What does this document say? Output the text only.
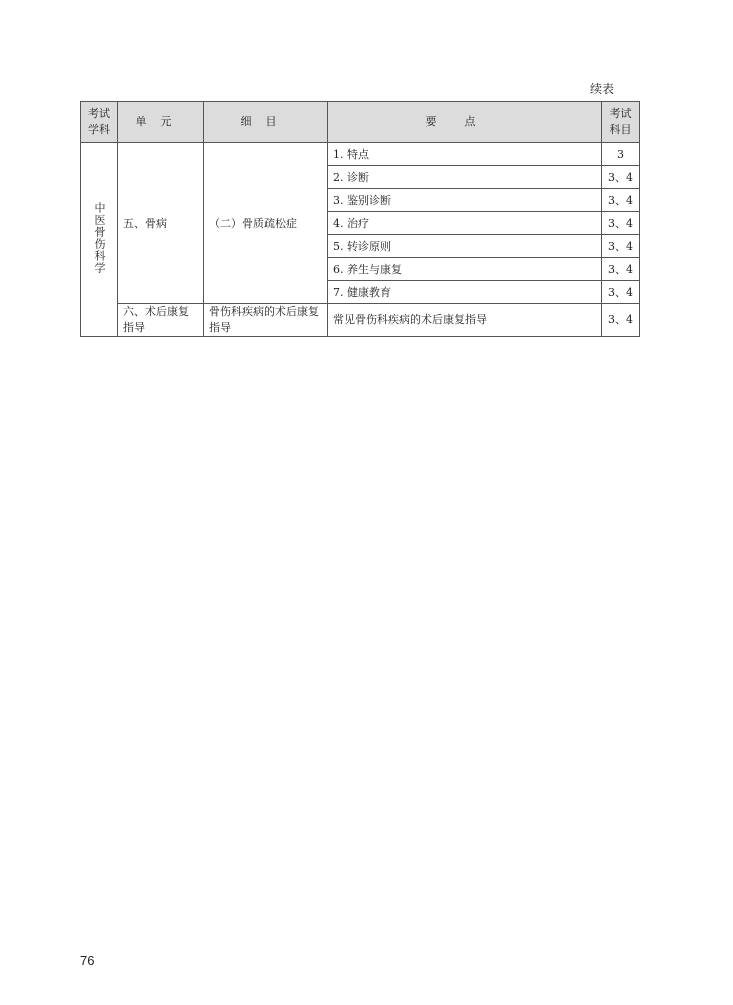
续表
考试学科	单元	细目	要点	考试科目
中医骨伤科学	五、骨病	（二）骨质疏松症	1. 特点	3
			2. 诊断	3、4
			3. 鉴别诊断	3、4
			4. 治疗	3、4
			5. 转诊原则	3、4
			6. 养生与康复	3、4
			7. 健康教育	3、4
	六、术后康复指导	骨伤科疾病的术后康复指导	常见骨伤科疾病的术后康复指导	3、4
76
